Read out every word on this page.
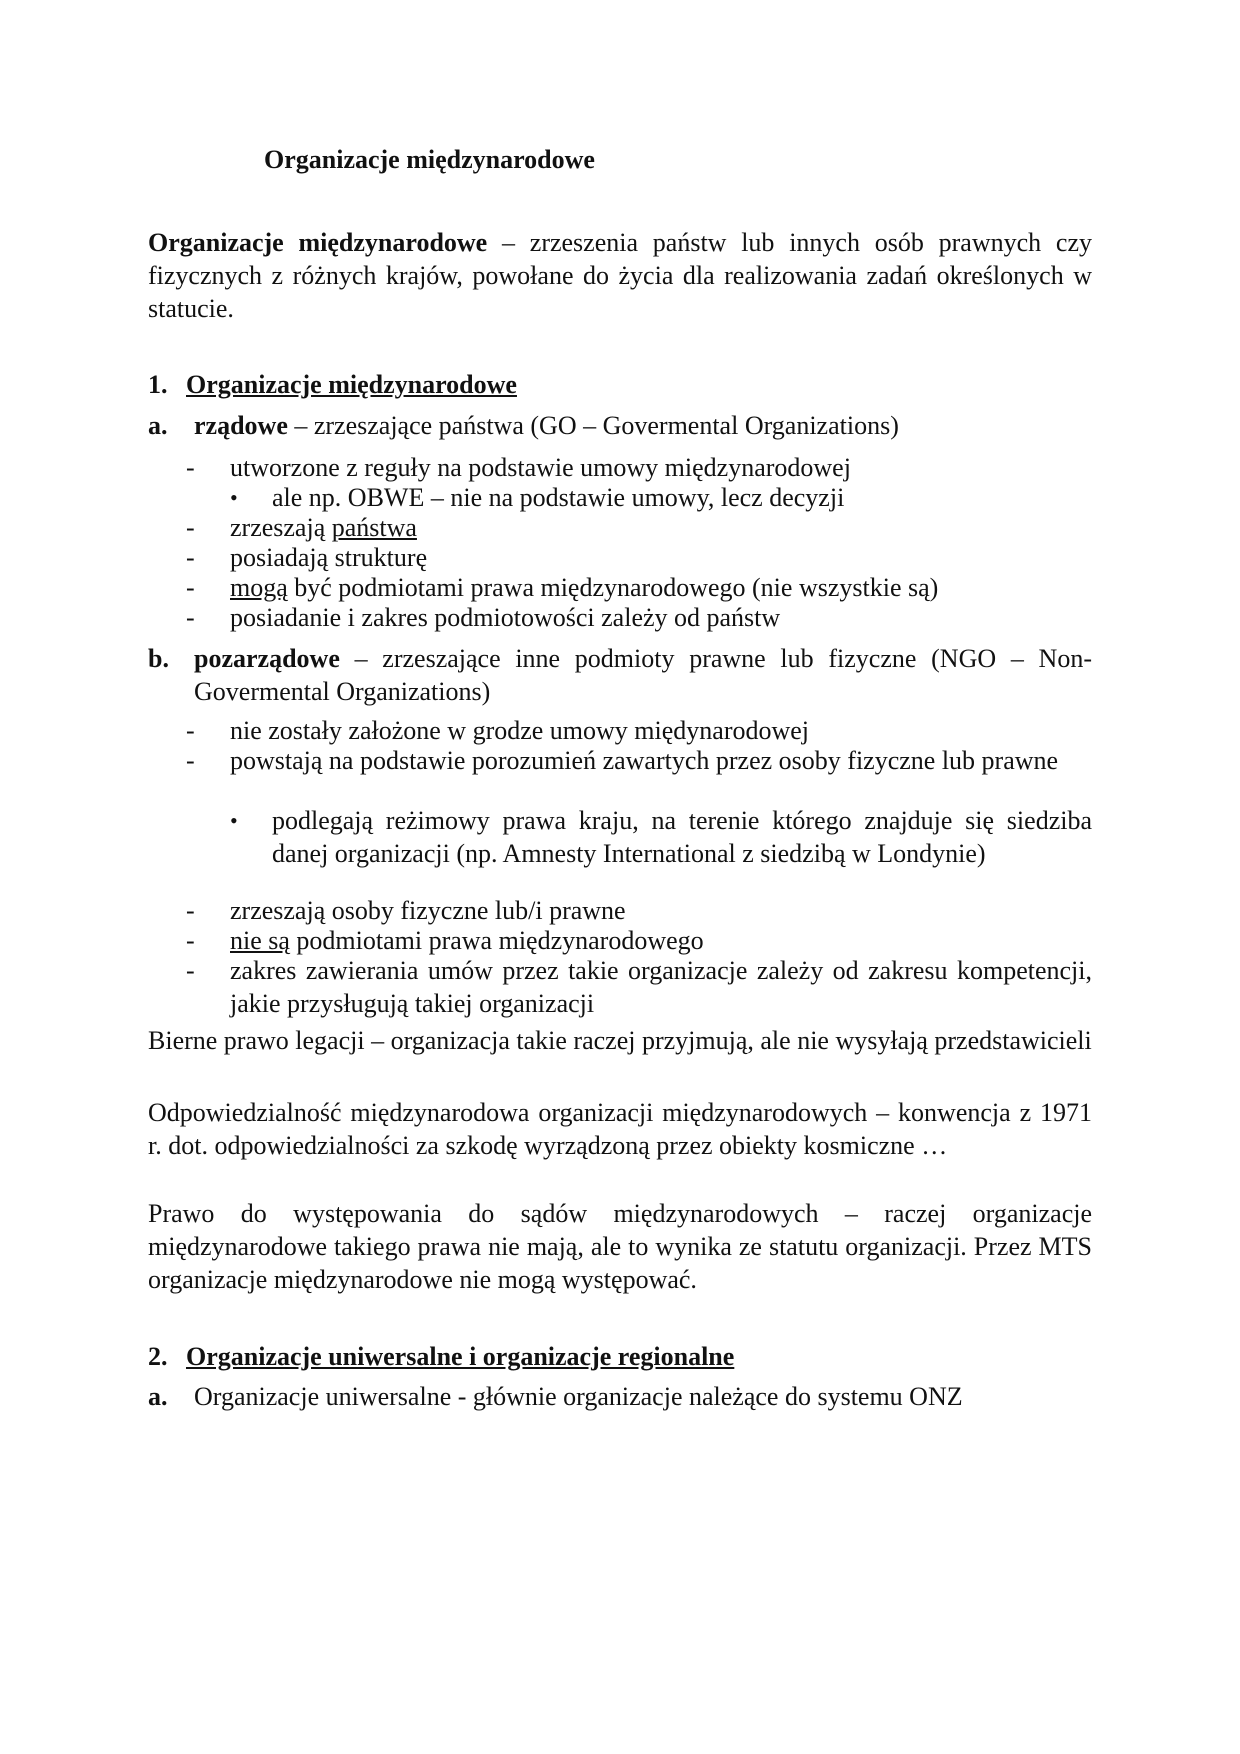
Organizacje międzynarodowe
Organizacje międzynarodowe – zrzeszenia państw lub innych osób prawnych czy fizycznych z różnych krajów, powołane do życia dla realizowania zadań określonych w statucie.
1. Organizacje międzynarodowe
a. rządowe – zrzeszające państwa (GO – Govermental Organizations)
- utworzone z reguły na podstawie umowy międzynarodowej
• ale np. OBWE – nie na podstawie umowy, lecz decyzji
- zrzeszają państwa
- posiadają strukturę
- mogą być podmiotami prawa międzynarodowego (nie wszystkie są)
- posiadanie i zakres podmiotowości zależy od państw
b. pozarządowe – zrzeszające inne podmioty prawne lub fizyczne (NGO – Non-Govermental Organizations)
- nie zostały założone w grodze umowy międynarodowej
- powstają na podstawie porozumień zawartych przez osoby fizyczne lub prawne
• podlegają reżimowy prawa kraju, na terenie którego znajduje się siedziba danej organizacji (np. Amnesty International z siedzibą w Londynie)
- zrzeszają osoby fizyczne lub/i prawne
- nie są podmiotami prawa międzynarodowego
- zakres zawierania umów przez takie organizacje zależy od zakresu kompetencji, jakie przysługują takiej organizacji
Bierne prawo legacji – organizacja takie raczej przyjmują, ale nie wysyłają przedstawicieli
Odpowiedzialność międzynarodowa organizacji międzynarodowych – konwencja z 1971 r. dot. odpowiedzialności za szkodę wyrządzoną przez obiekty kosmiczne …
Prawo do występowania do sądów międzynarodowych – raczej organizacje międzynarodowe takiego prawa nie mają, ale to wynika ze statutu organizacji. Przez MTS organizacje międzynarodowe nie mogą występować.
2. Organizacje uniwersalne i organizacje regionalne
a. Organizacje uniwersalne - głównie organizacje należące do systemu ONZ
